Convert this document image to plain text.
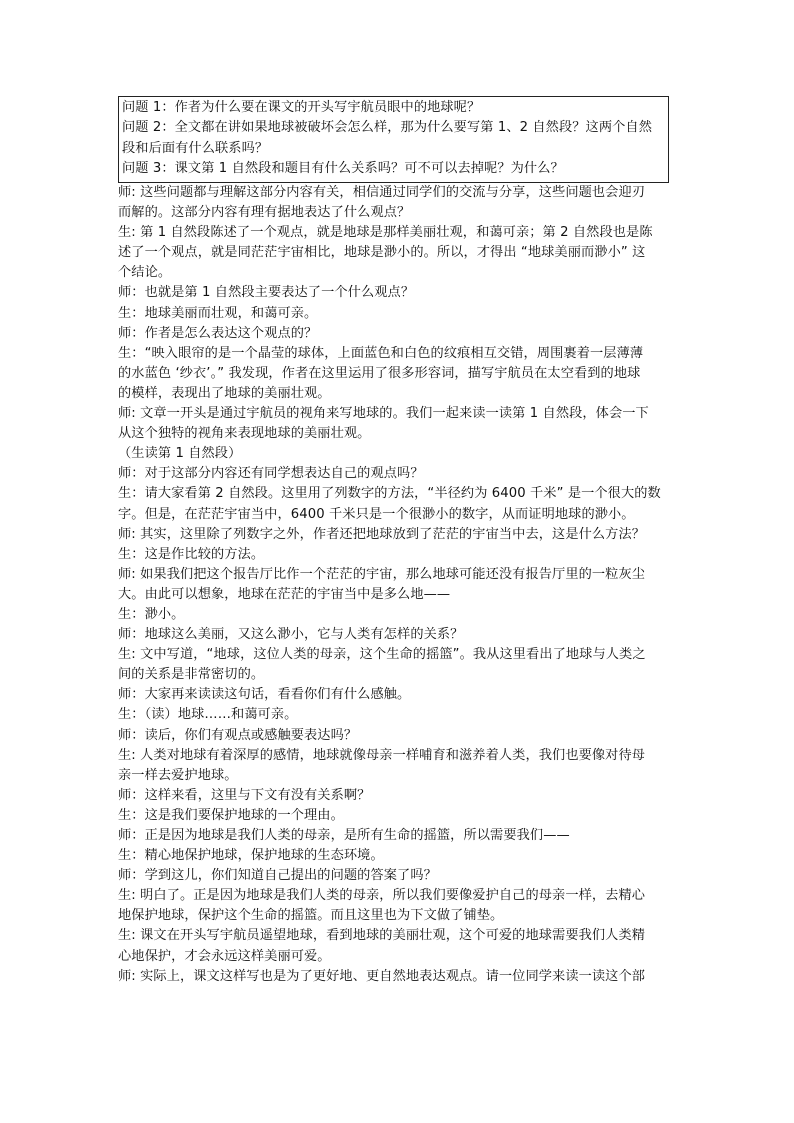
问题 1：作者为什么要在课文的开头写宇航员眼中的地球呢？
问题 2：全文都在讲如果地球被破坏会怎么样，那为什么要写第 1、2 自然段？这两个自然
段和后面有什么联系吗？
问题 3：课文第 1 自然段和题目有什么关系吗？可不可以去掉呢？为什么？
师: 这些问题都与理解这部分内容有关，相信通过同学们的交流与分享，这些问题也会迎刃
而解的。这部分内容有理有据地表达了什么观点？
生: 第 1 自然段陈述了一个观点，就是地球是那样美丽壮观，和蔼可亲；第 2 自然段也是陈
述了一个观点，就是同茫茫宇宙相比，地球是渺小的。所以，才得出 “地球美丽而渺小” 这
个结论。
师：也就是第 1 自然段主要表达了一个什么观点？
生：地球美丽而壮观，和蔼可亲。
师：作者是怎么表达这个观点的？
生：“映入眼帘的是一个晶莹的球体，上面蓝色和白色的纹痕相互交错，周围裹着一层薄薄
的水蓝色 ‘纱衣’。” 我发现，作者在这里运用了很多形容词，描写宇航员在太空看到的地球
的模样，表现出了地球的美丽壮观。
师: 文章一开头是通过宇航员的视角来写地球的。我们一起来读一读第 1 自然段，体会一下
从这个独特的视角来表现地球的美丽壮观。
（生读第 1 自然段）
师：对于这部分内容还有同学想表达自己的观点吗？
生：请大家看第 2 自然段。这里用了列数字的方法，“半径约为 6400 千米” 是一个很大的数
字。但是，在茫茫宇宙当中，6400 千米只是一个很渺小的数字，从而证明地球的渺小。
师: 其实，这里除了列数字之外，作者还把地球放到了茫茫的宇宙当中去，这是什么方法？
生：这是作比较的方法。
师: 如果我们把这个报告厅比作一个茫茫的宇宙，那么地球可能还没有报告厅里的一粒灰尘
大。由此可以想象，地球在茫茫的宇宙当中是多么地——
生：渺小。
师：地球这么美丽，又这么渺小，它与人类有怎样的关系？
生: 文中写道，“地球，这位人类的母亲，这个生命的摇篮”。我从这里看出了地球与人类之
间的关系是非常密切的。
师：大家再来读读这句话，看看你们有什么感触。
生：（读）地球……和蔼可亲。
师：读后，你们有观点或感触要表达吗？
生: 人类对地球有着深厚的感情，地球就像母亲一样哺育和滋养着人类，我们也要像对待母
亲一样去爱护地球。
师：这样来看，这里与下文有没有关系啊？
生：这是我们要保护地球的一个理由。
师：正是因为地球是我们人类的母亲，是所有生命的摇篮，所以需要我们——
生：精心地保护地球，保护地球的生态环境。
师：学到这儿，你们知道自己提出的问题的答案了吗？
生: 明白了。正是因为地球是我们人类的母亲，所以我们要像爱护自己的母亲一样，去精心
地保护地球，保护这个生命的摇篮。而且这里也为下文做了铺垫。
生: 课文在开头写宇航员遥望地球，看到地球的美丽壮观，这个可爱的地球需要我们人类精
心地保护，才会永远这样美丽可爱。
师: 实际上，课文这样写也是为了更好地、更自然地表达观点。请一位同学来读一读这个部
